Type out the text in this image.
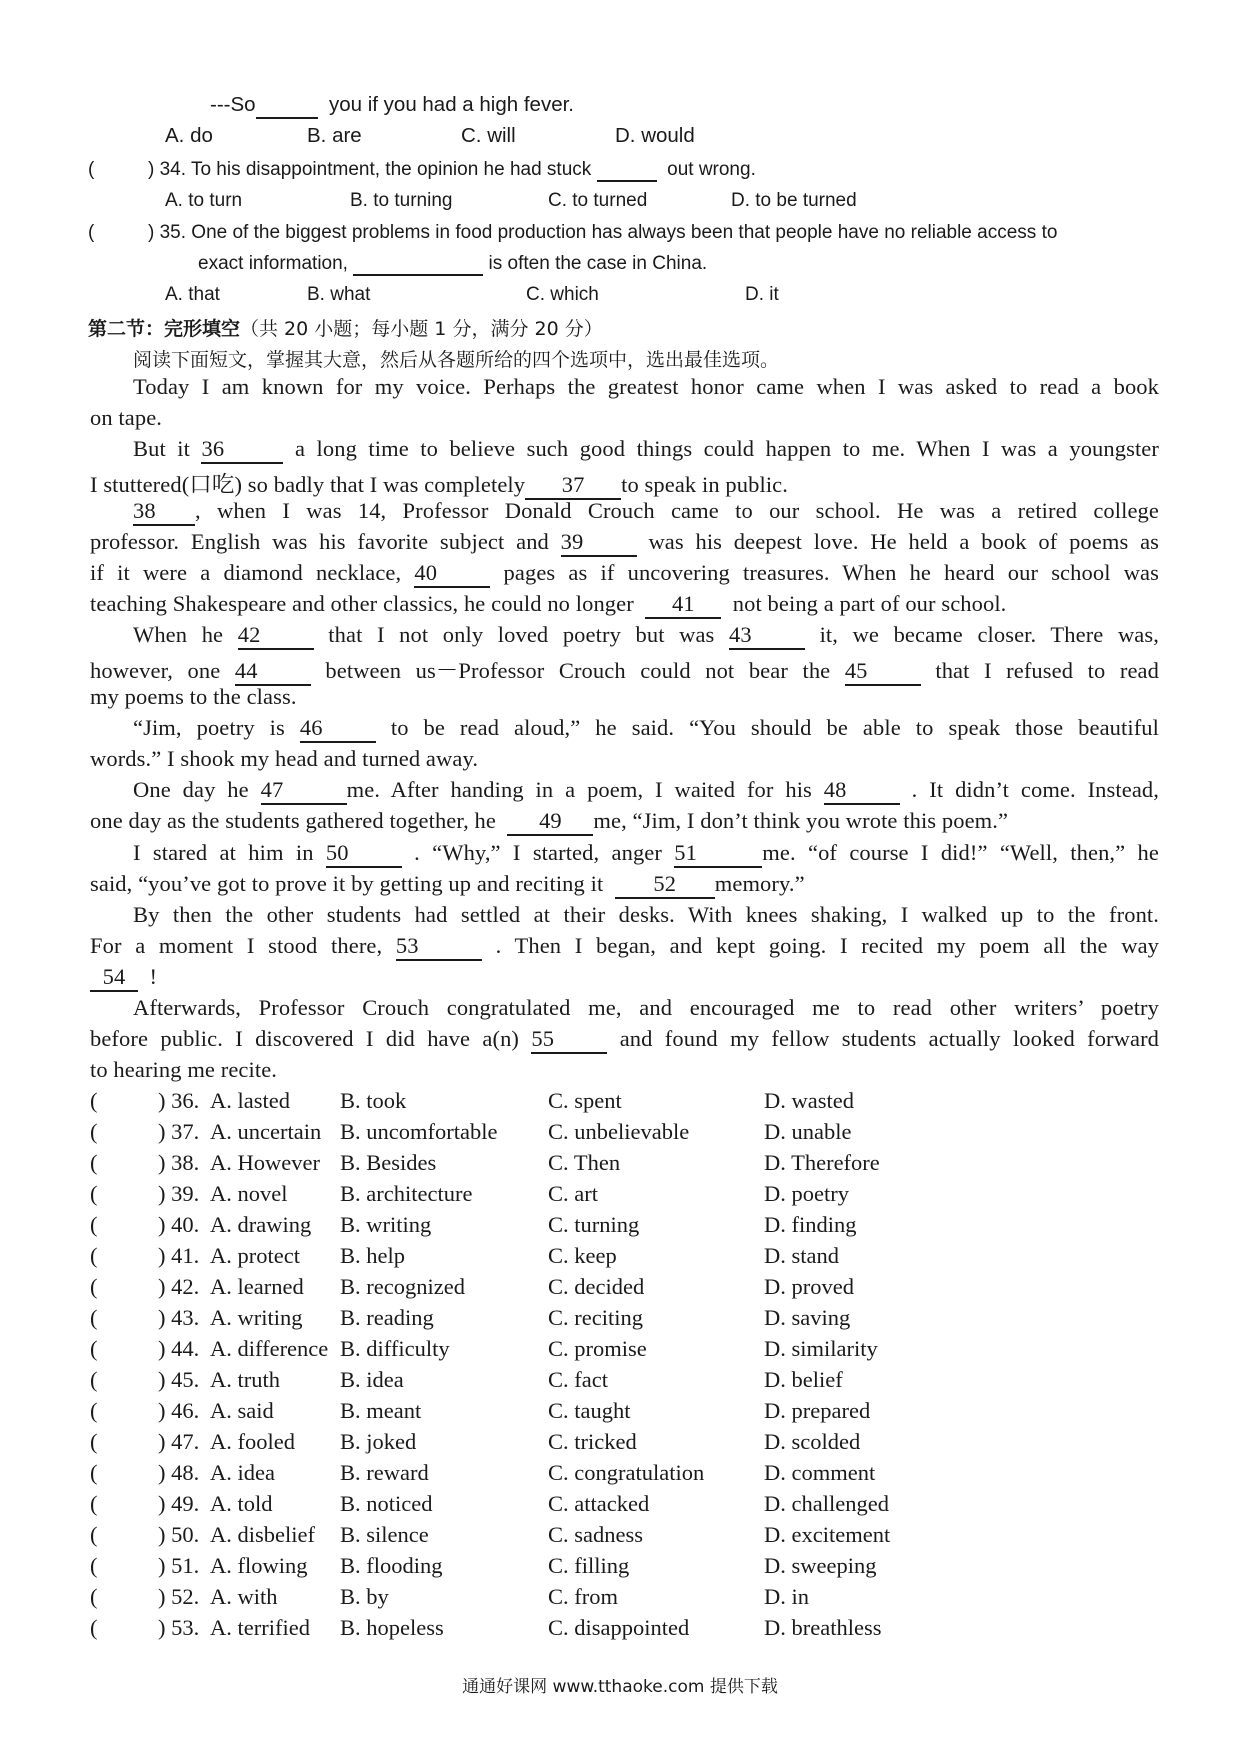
---So	you if you had a high fever.
A. do	B. are	C. will	D. would
(	) 34. To his disappointment, the opinion he had stuck	out wrong.
A. to turn	B. to turning	C. to turned	D. to be turned
(	) 35. One of the biggest problems in food production has always been that people have no reliable access to
exact information,	is often the case in China.
A. that	B. what	C. which	D. it
第二节：完形填空（共 20 小题；每小题 1 分，满分 20 分）
阅读下面短文，掌握其大意，然后从各题所给的四个选项中，选出最佳选项。
Today I am known for my voice. Perhaps the greatest honor came when I was asked to read a book
on tape.
But it 36	a long time to believe such good things could happen to me. When I was a youngster
I stuttered(口吃) so badly that I was completely 37 to speak in public.
38 , when I was 14, Professor Donald Crouch came to our school. He was a retired college
professor. English was his favorite subject and 39	was his deepest love. He held a book of poems as
if it were a diamond necklace, 40	pages as if uncovering treasures. When he heard our school was
teaching Shakespeare and other classics, he could no longer 41 not being a part of our school.
When he 42	that I not only loved poetry but was 43	it, we became closer. There was,
however, one 44	between us－Professor Crouch could not bear the 45	that I refused to read
my poems to the class.
“Jim, poetry is 46	to be read aloud,” he said. “You should be able to speak those beautiful
words.” I shook my head and turned away.
One day he 47	me. After handing in a poem, I waited for his 48	. It didn’t come. Instead,
one day as the students gathered together, he 49 me, “Jim, I don’t think you wrote this poem.”
I stared at him in 50	. “Why,” I started, anger 51	me. “of course I did!” “Well, then,” he
said, “you’ve got to prove it by getting up and reciting it 52 memory.”
By then the other students had settled at their desks. With knees shaking, I walked up to the front.
For a moment I stood there, 53	. Then I began, and kept going. I recited my poem all the way
54 !
Afterwards, Professor Crouch congratulated me, and encouraged me to read other writers’ poetry
before public. I discovered I did have a(n) 55	and found my fellow students actually looked forward
to hearing me recite.
(	) 36. A. lasted B. took	C. spent	D. wasted
(	) 37. A. uncertain B. uncomfortable C. unbelievable	D. unable
(	) 38. A. However B. Besides	C. Then	D. Therefore
(	) 39. A. novel B. architecture	C. art	D. poetry
(	) 40. A. drawing B. writing	C. turning	D. finding
(	) 41. A. protect B. help	C. keep	D. stand
(	) 42. A. learned B. recognized	C. decided	D. proved
(	) 43. A. writing B. reading	C. reciting	D. saving
(	) 44. A. difference B. difficulty	C. promise	D. similarity
(	) 45. A. truth	B. idea	C. fact	D. belief
(	) 46. A. said	B. meant	C. taught	D. prepared
(	) 47. A. fooled B. joked	C. tricked	D. scolded
(	) 48. A. idea	B. reward	C. congratulation	D. comment
(	) 49. A. told	B. noticed	C. attacked	D. challenged
(	) 50. A. disbelief B. silence	C. sadness	D. excitement
(	) 51. A. flowing B. flooding	C. filling	D. sweeping
(	) 52. A. with	B. by	C. from	D. in
(	) 53. A. terrified B. hopeless	C. disappointed	D. breathless
通通好课网 www.tthaoke.com 提供下载
